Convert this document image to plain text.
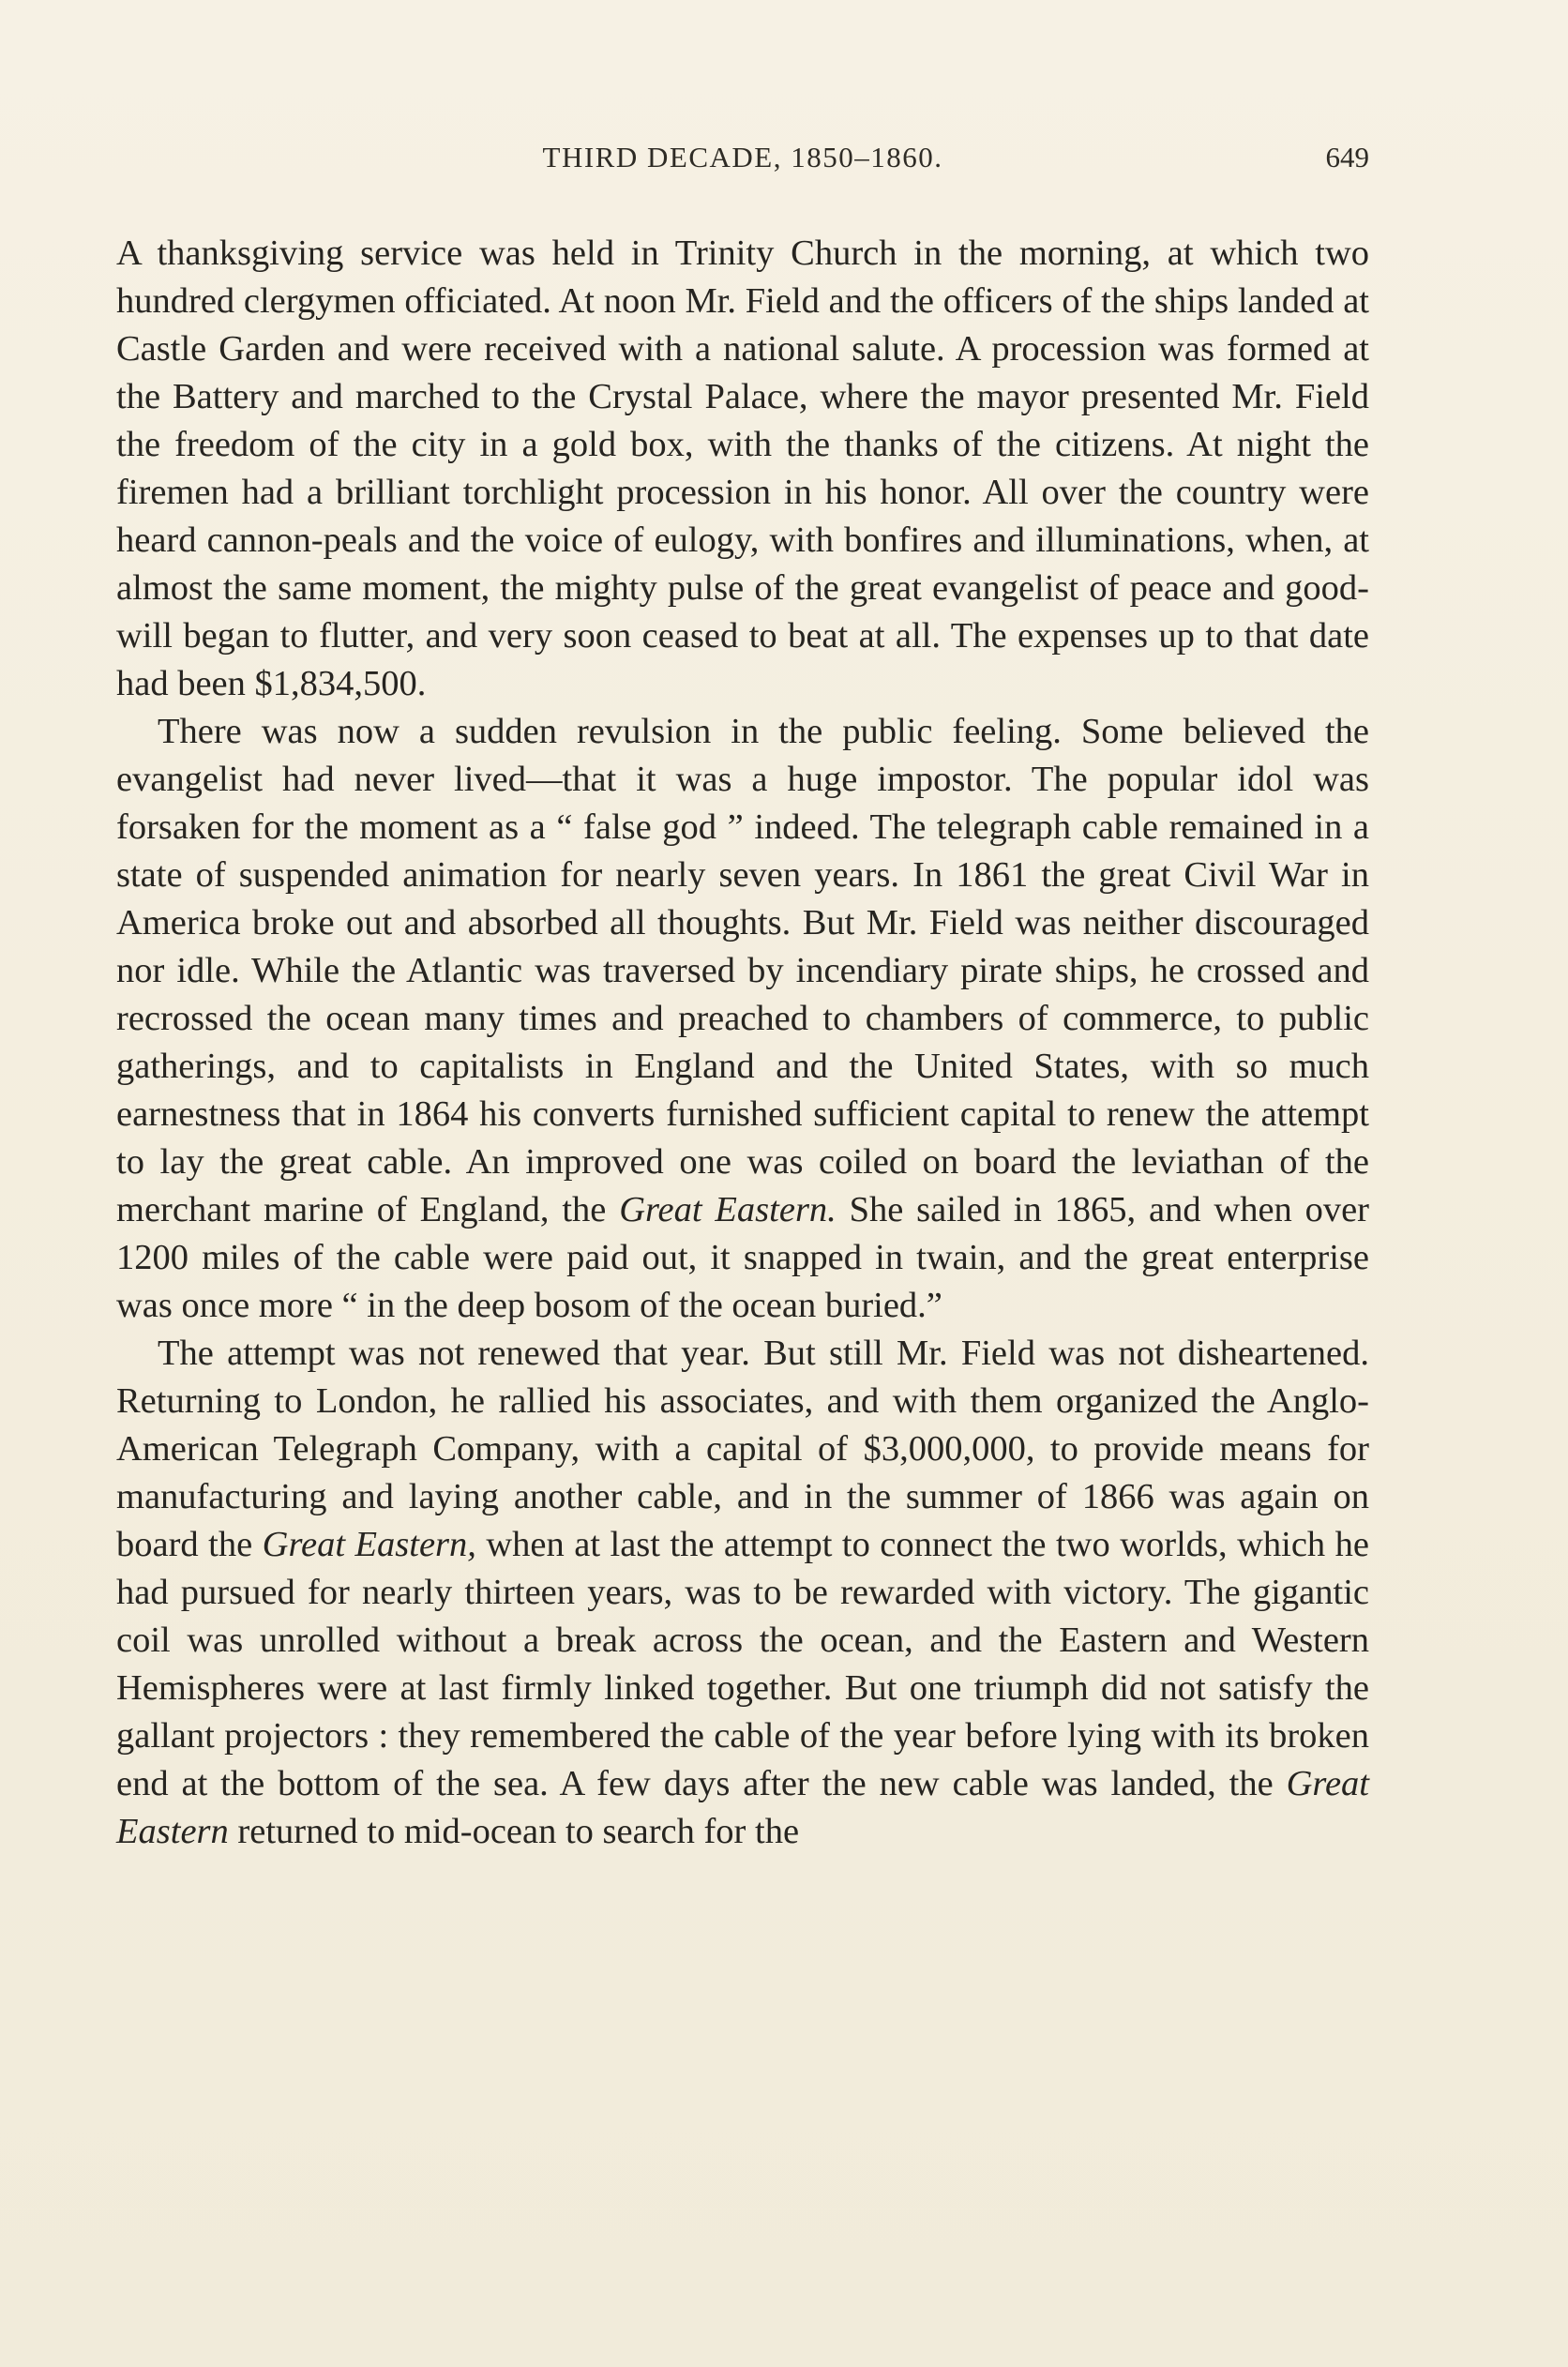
THIRD DECADE, 1850–1860.	649

A thanksgiving service was held in Trinity Church in the morning, at which two hundred clergymen officiated. At noon Mr. Field and the officers of the ships landed at Castle Garden and were received with a national salute. A procession was formed at the Battery and marched to the Crystal Palace, where the mayor presented Mr. Field the freedom of the city in a gold box, with the thanks of the citizens. At night the firemen had a brilliant torchlight procession in his honor. All over the country were heard cannon-peals and the voice of eulogy, with bonfires and illuminations, when, at almost the same moment, the mighty pulse of the great evangelist of peace and good-will began to flutter, and very soon ceased to beat at all. The expenses up to that date had been $1,834,500.

There was now a sudden revulsion in the public feeling. Some believed the evangelist had never lived—that it was a huge impostor. The popular idol was forsaken for the moment as a “ false god ” indeed. The telegraph cable remained in a state of suspended animation for nearly seven years. In 1861 the great Civil War in America broke out and absorbed all thoughts. But Mr. Field was neither discouraged nor idle. While the Atlantic was traversed by incendiary pirate ships, he crossed and recrossed the ocean many times and preached to chambers of commerce, to public gatherings, and to capitalists in England and the United States, with so much earnestness that in 1864 his converts furnished sufficient capital to renew the attempt to lay the great cable. An improved one was coiled on board the leviathan of the merchant marine of England, the Great Eastern. She sailed in 1865, and when over 1200 miles of the cable were paid out, it snapped in twain, and the great enterprise was once more “ in the deep bosom of the ocean buried.”

The attempt was not renewed that year. But still Mr. Field was not disheartened. Returning to London, he rallied his associates, and with them organized the Anglo-American Telegraph Company, with a capital of $3,000,000, to provide means for manufacturing and laying another cable, and in the summer of 1866 was again on board the Great Eastern, when at last the attempt to connect the two worlds, which he had pursued for nearly thirteen years, was to be rewarded with victory. The gigantic coil was unrolled without a break across the ocean, and the Eastern and Western Hemispheres were at last firmly linked together. But one triumph did not satisfy the gallant projectors : they remembered the cable of the year before lying with its broken end at the bottom of the sea. A few days after the new cable was landed, the Great Eastern returned to mid-ocean to search for the
